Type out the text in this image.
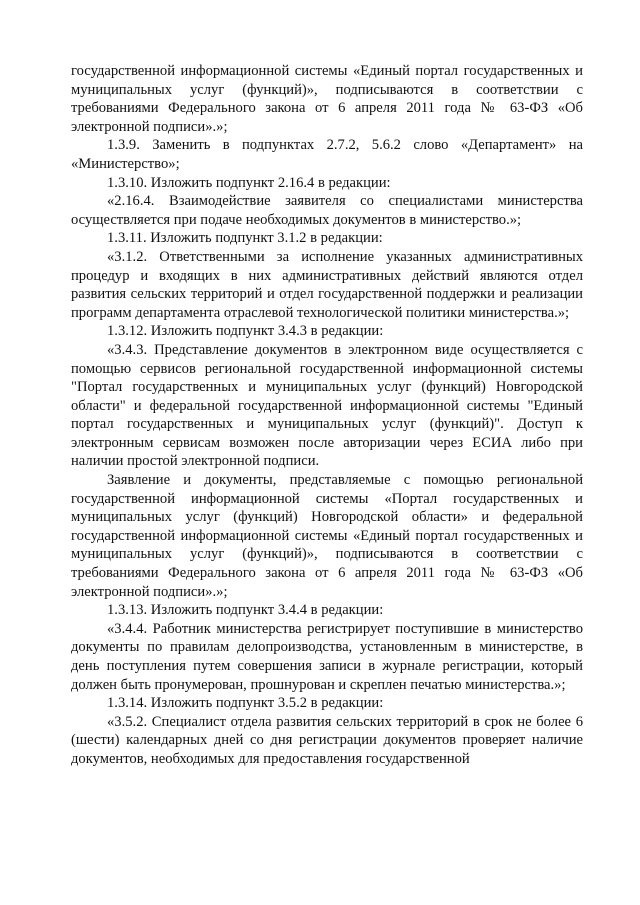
государственной информационной системы «Единый портал государственных и муниципальных услуг (функций)», подписываются в соответствии с требованиями Федерального закона от 6 апреля 2011 года № 63-ФЗ «Об электронной подписи».»;

1.3.9. Заменить в подпунктах 2.7.2, 5.6.2 слово «Департамент» на «Министерство»;

1.3.10. Изложить подпункт 2.16.4 в редакции:

«2.16.4. Взаимодействие заявителя со специалистами министерства осуществляется при подаче необходимых документов в министерство.»;

1.3.11. Изложить подпункт 3.1.2 в редакции:

«3.1.2. Ответственными за исполнение указанных административных процедур и входящих в них административных действий являются отдел развития сельских территорий и отдел государственной поддержки и реализации программ департамента отраслевой технологической политики министерства.»;

1.3.12. Изложить подпункт 3.4.3 в редакции:

«3.4.3. Представление документов в электронном виде осуществляется с помощью сервисов региональной государственной информационной системы "Портал государственных и муниципальных услуг (функций) Новгородской области" и федеральной государственной информационной системы "Единый портал государственных и муниципальных услуг (функций)". Доступ к электронным сервисам возможен после авторизации через ЕСИА либо при наличии простой электронной подписи.

Заявление и документы, представляемые с помощью региональной государственной информационной системы «Портал государственных и муниципальных услуг (функций) Новгородской области» и федеральной государственной информационной системы «Единый портал государственных и муниципальных услуг (функций)», подписываются в соответствии с требованиями Федерального закона от 6 апреля 2011 года № 63-ФЗ «Об электронной подписи».»;

1.3.13. Изложить подпункт 3.4.4 в редакции:

«3.4.4. Работник министерства регистрирует поступившие в министерство документы по правилам делопроизводства, установленным в министерстве, в день поступления путем совершения записи в журнале регистрации, который должен быть пронумерован, прошнурован и скреплен печатью министерства.»;

1.3.14. Изложить подпункт 3.5.2 в редакции:

«3.5.2. Специалист отдела развития сельских территорий в срок не более 6 (шести) календарных дней со дня регистрации документов проверяет наличие документов, необходимых для предоставления государственной
